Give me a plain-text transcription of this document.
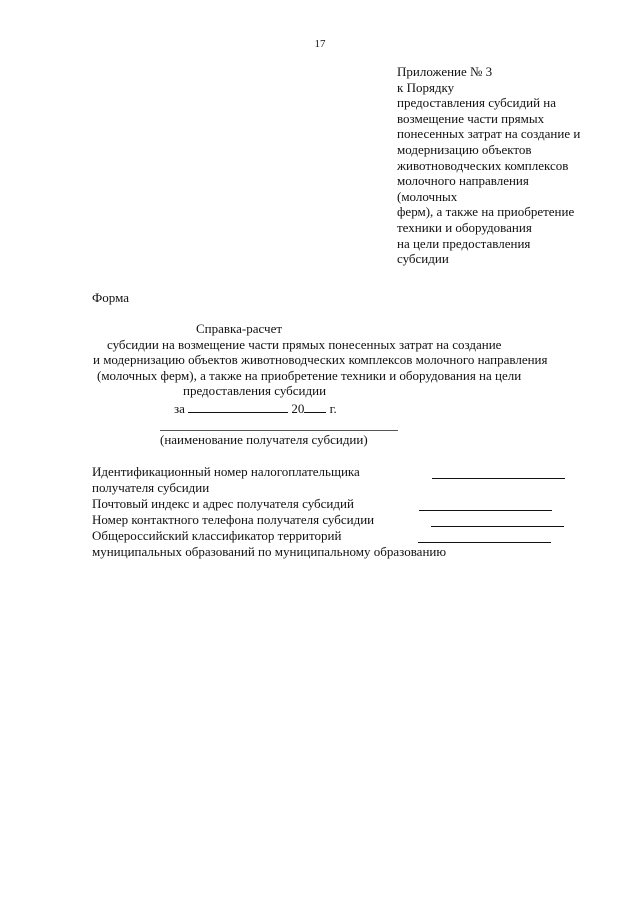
17
Приложение № 3
к Порядку
предоставления субсидий на
возмещение части прямых
понесенных затрат на создание и
модернизацию объектов
животноводческих комплексов
молочного направления
(молочных
ферм), а также на приобретение
техники и оборудования
на цели предоставления
субсидии
Форма
Справка-расчет
субсидии на возмещение части прямых понесенных затрат на создание
и модернизацию объектов животноводческих комплексов молочного направления
(молочных ферм), а также на приобретение техники и оборудования на цели
предоставления субсидии
за	20 г.
(наименование получателя субсидии)
Идентификационный номер налогоплательщика
получателя субсидии
Почтовый индекс и адрес получателя субсидий
Номер контактного телефона получателя субсидии
Общероссийский классификатор территорий
муниципальных образований по муниципальному образованию
